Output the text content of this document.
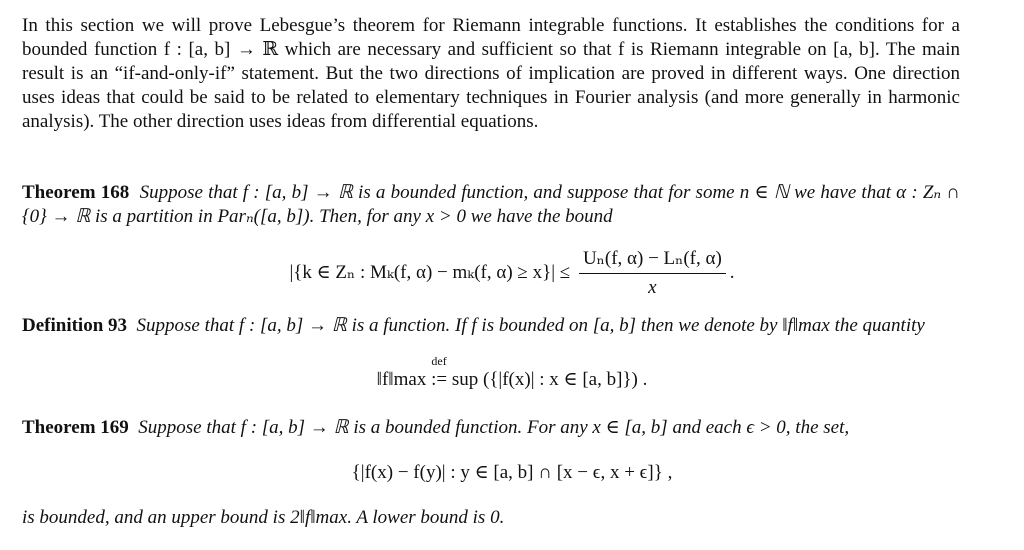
In this section we will prove Lebesgue’s theorem for Riemann integrable functions. It establishes the conditions for a bounded function f : [a, b] → ℝ which are necessary and sufficient so that f is Riemann integrable on [a, b]. The main result is an “if-and-only-if” statement. But the two directions of implication are proved in different ways. One direction uses ideas that could be said to be related to elementary techniques in Fourier analysis (and more generally in harmonic analysis). The other direction uses ideas from differential equations.

Theorem 168 Suppose that f : [a, b] → ℝ is a bounded function, and suppose that for some n ∈ ℕ we have that α : Zₙ ∩ {0} → ℝ is a partition in Parₙ([a, b]). Then, for any x > 0 we have the bound

|{k ∈ Zₙ : Mₖ(f, α) − mₖ(f, $\alpha) \ge x\}| \le \frac{\text{Uₙ(f, α) − Lₙ(f, α)}}{x}$ .

Definition 93 Suppose that f : [a, b] → ℝ is a function. If f is bounded on [a, b] then we denote by ‖f‖max the quantity

‖f‖max
def
:= sup ({|f(x)| : x ∈ [a, b]}) .

Theorem 169 Suppose that f : [a, b] → ℝ is a bounded function. For any x ∈ [a, b] and each ϵ > 0, the set,

{|f(x) − f(y)| : y ∈ [a, b] ∩ [x − ϵ, x + ϵ]} ,

is bounded, and an upper bound is 2‖f‖max. A lower bound is 0.
